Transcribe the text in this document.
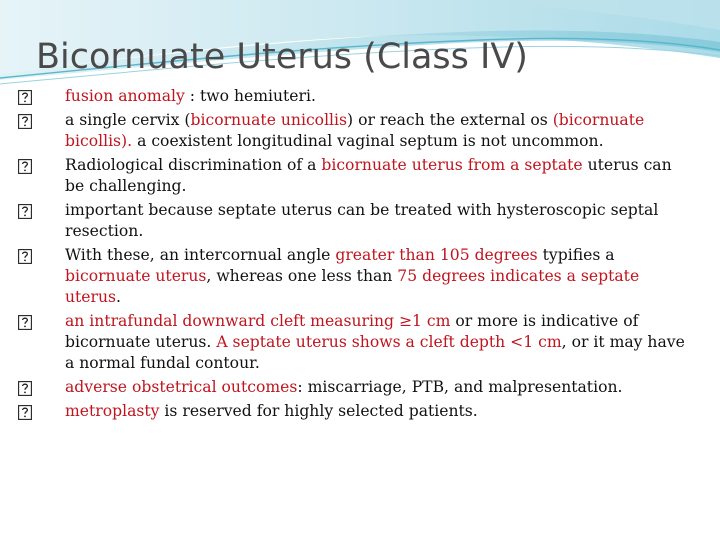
Bicornuate Uterus (Class IV)
fusion anomaly : two hemiuteri.
a single cervix (bicornuate unicollis) or reach the external os (bicornuate bicollis). a coexistent longitudinal vaginal septum is not uncommon.
Radiological discrimination of a bicornuate uterus from a septate uterus can be challenging.
important because septate uterus can be treated with hysteroscopic septal resection.
With these, an intercornual angle greater than 105 degrees typifies a bicornuate uterus, whereas one less than 75 degrees indicates a septate uterus.
an intrafundal downward cleft measuring ≥1 cm or more is indicative of bicornuate uterus. A septate uterus shows a cleft depth <1 cm, or it may have a normal fundal contour.
adverse obstetrical outcomes: miscarriage, PTB, and malpresentation.
metroplasty is reserved for highly selected patients.
